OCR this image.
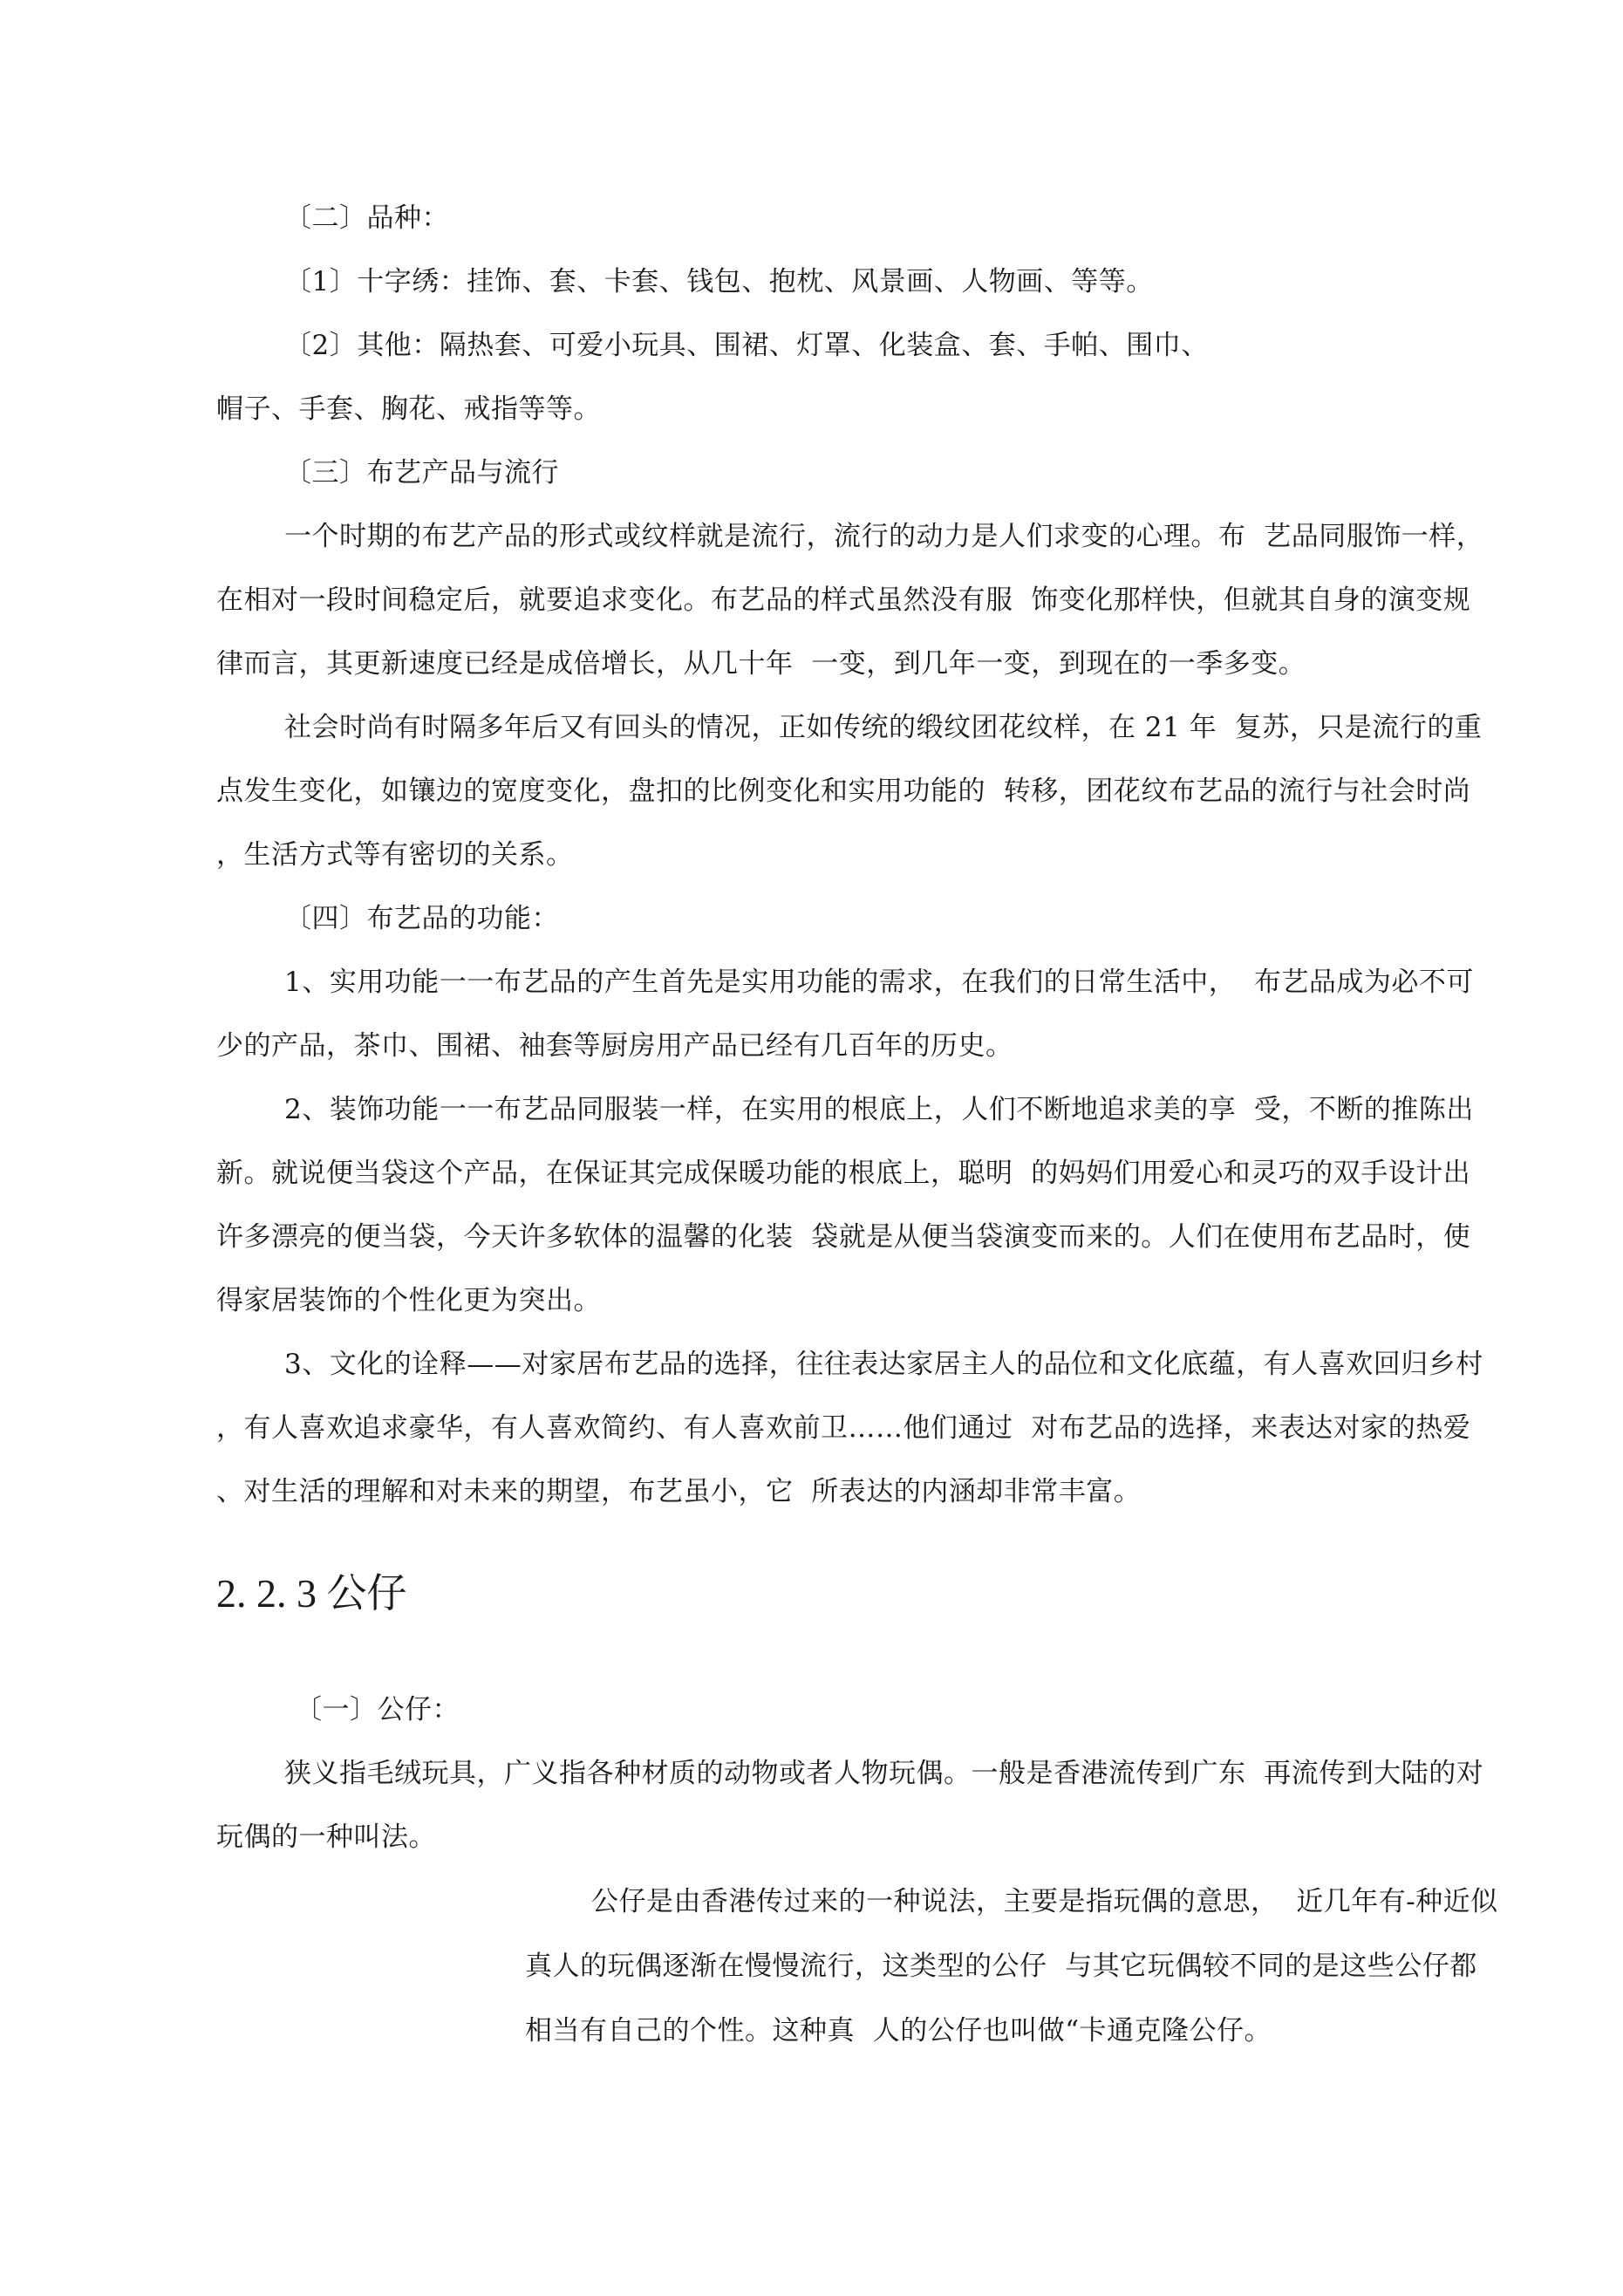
〔二〕品种：
〔1〕十字绣：挂饰、套、卡套、钱包、抱枕、风景画、人物画、等等。
〔2〕其他：隔热套、可爱小玩具、围裙、灯罩、化装盒、套、手帕、围巾、
帽子、手套、胸花、戒指等等。
〔三〕布艺产品与流行
一个时期的布艺产品的形式或纹样就是流行，流行的动力是人们求变的心理。布  艺品同服饰一样，
在相对一段时间稳定后，就要追求变化。布艺品的样式虽然没有服  饰变化那样快，但就其自身的演变规
律而言，其更新速度已经是成倍增长，从几十年  一变，到几年一变，到现在的一季多变。
社会时尚有时隔多年后又有回头的情况，正如传统的缎纹团花纹样，在 21 年  复苏，只是流行的重
点发生变化，如镶边的宽度变化，盘扣的比例变化和实用功能的  转移，团花纹布艺品的流行与社会时尚
，生活方式等有密切的关系。
〔四〕布艺品的功能：
1、实用功能一一布艺品的产生首先是实用功能的需求，在我们的日常生活中，  布艺品成为必不可
少的产品，茶巾、围裙、袖套等厨房用产品已经有几百年的历史。
2、装饰功能一一布艺品同服装一样，在实用的根底上，人们不断地追求美的享  受，不断的推陈出
新。就说便当袋这个产品，在保证其完成保暖功能的根底上，聪明  的妈妈们用爱心和灵巧的双手设计出
许多漂亮的便当袋，今天许多软体的温馨的化装  袋就是从便当袋演变而来的。人们在使用布艺品时，使
得家居装饰的个性化更为突出。
3、文化的诠释——对家居布艺品的选择，往往表达家居主人的品位和文化底蕴，有人喜欢回归乡村
，有人喜欢追求豪华，有人喜欢简约、有人喜欢前卫……他们通过  对布艺品的选择，来表达对家的热爱
、对生活的理解和对未来的期望，布艺虽小，它  所表达的内涵却非常丰富。
2. 2. 3 公仔
〔一〕公仔：
狭义指毛绒玩具，广义指各种材质的动物或者人物玩偶。一般是香港流传到广东  再流传到大陆的对
玩偶的一种叫法。
公仔是由香港传过来的一种说法，主要是指玩偶的意思，  近几年有-种近似
真人的玩偶逐渐在慢慢流行，这类型的公仔  与其它玩偶较不同的是这些公仔都
相当有自己的个性。这种真  人的公仔也叫做“卡通克隆公仔。
